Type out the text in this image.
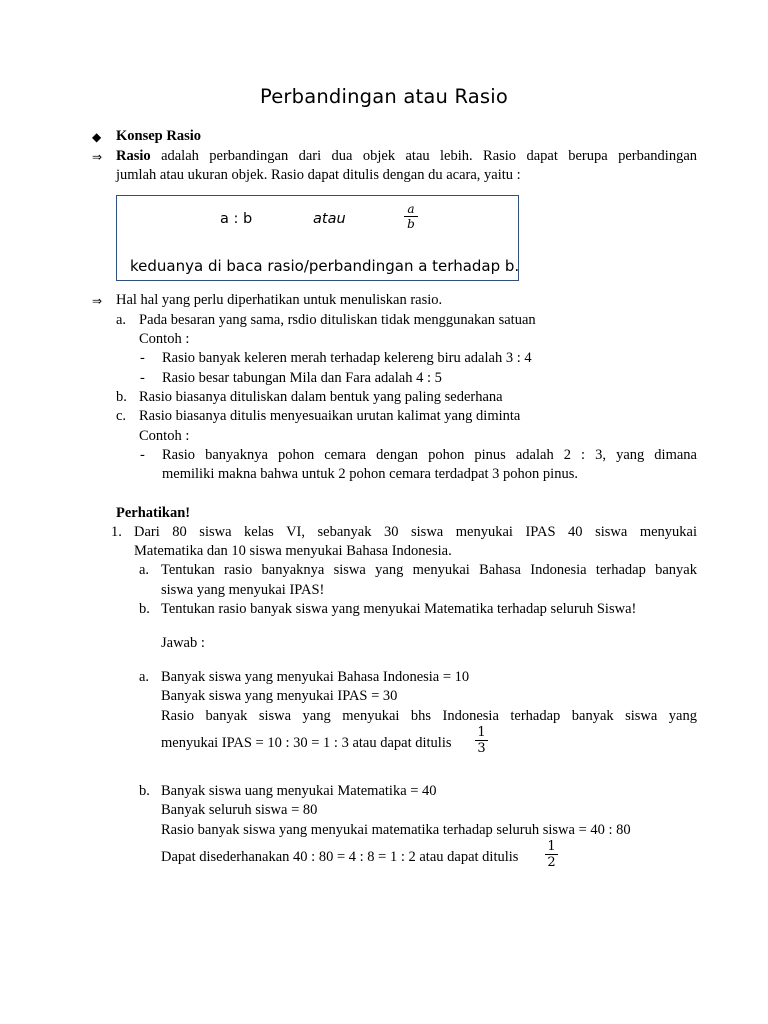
Perbandingan atau Rasio
◆ Konsep Rasio
⇒ Rasio adalah perbandingan dari dua objek atau lebih. Rasio dapat berupa perbandingan
jumlah atau ukuran objek. Rasio dapat ditulis dengan du acara, yaitu :
a : b	atau
a
b
keduanya di baca rasio/perbandingan a terhadap b.
⇒ Hal hal yang perlu diperhatikan untuk menuliskan rasio.
a. Pada besaran yang sama, rsdio dituliskan tidak menggunakan satuan
Contoh :
- Rasio banyak keleren merah terhadap kelereng biru adalah 3 : 4
- Rasio besar tabungan Mila dan Fara adalah 4 : 5
b. Rasio biasanya dituliskan dalam bentuk yang paling sederhana
c. Rasio biasanya ditulis menyesuaikan urutan kalimat yang diminta
Contoh :
- Rasio banyaknya pohon cemara dengan pohon pinus adalah 2 : 3, yang dimana
memiliki makna bahwa untuk 2 pohon cemara terdadpat 3 pohon pinus.
Perhatikan!
1. Dari 80 siswa kelas VI, sebanyak 30 siswa menyukai IPAS 40 siswa menyukai
Matematika dan 10 siswa menyukai Bahasa Indonesia.
a. Tentukan rasio banyaknya siswa yang menyukai Bahasa Indonesia terhadap banyak
siswa yang menyukai IPAS!
b. Tentukan rasio banyak siswa yang menyukai Matematika terhadap seluruh Siswa!
Jawab :
a. Banyak siswa yang menyukai Bahasa Indonesia = 10
Banyak siswa yang menyukai IPAS = 30
Rasio banyak siswa yang menyukai bhs Indonesia terhadap banyak siswa yang
menyukai IPAS = 10 : 30 = 1 : 3 atau dapat ditulis
1
3
b. Banyak siswa uang menyukai Matematika = 40
Banyak seluruh siswa = 80
Rasio banyak siswa yang menyukai matematika terhadap seluruh siswa = 40 : 80
Dapat disederhanakan 40 : 80 = 4 : 8 = 1 : 2 atau dapat ditulis
1
2
